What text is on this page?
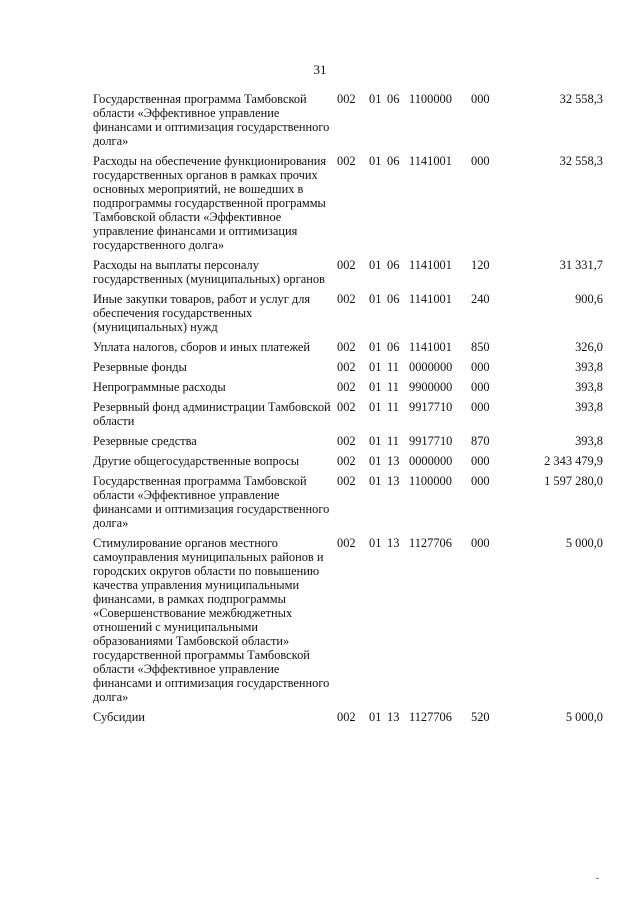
31
Государственная программа Тамбовской области «Эффективное управление финансами и оптимизация государственного долга»	002	01	06	1100000	000	32 558,3
Расходы на обеспечение функционирования государственных органов в рамках прочих основных мероприятий, не вошедших в подпрограммы государственной программы Тамбовской области «Эффективное управление финансами и оптимизация государственного долга»	002	01	06	1141001	000	32 558,3
Расходы на выплаты персоналу государственных (муниципальных) органов	002	01	06	1141001	120	31 331,7
Иные закупки товаров, работ и услуг для обеспечения государственных (муниципальных) нужд	002	01	06	1141001	240	900,6
Уплата налогов, сборов и иных платежей	002	01	06	1141001	850	326,0
Резервные фонды	002	01	11	0000000	000	393,8
Непрограммные расходы	002	01	11	9900000	000	393,8
Резервный фонд администрации Тамбовской области	002	01	11	9917710	000	393,8
Резервные средства	002	01	11	9917710	870	393,8
Другие общегосударственные вопросы	002	01	13	0000000	000	2 343 479,9
Государственная программа Тамбовской области «Эффективное управление финансами и оптимизация государственного долга»	002	01	13	1100000	000	1 597 280,0
Стимулирование органов местного самоуправления муниципальных районов и городских округов области по повышению качества управления муниципальными финансами, в рамках подпрограммы «Совершенствование межбюджетных отношений с муниципальными образованиями Тамбовской области» государственной программы Тамбовской области «Эффективное управление финансами и оптимизация государственного долга»	002	01	13	1127706	000	5 000,0
Субсидии	002	01	13	1127706	520	5 000,0
